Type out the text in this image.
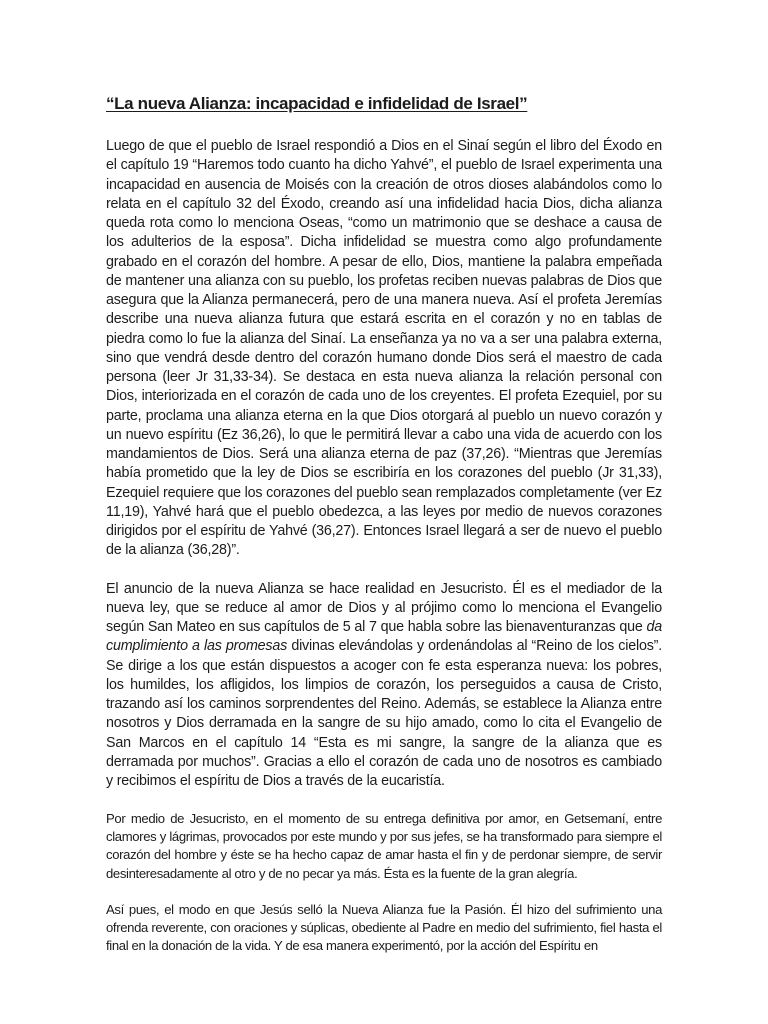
“La nueva Alianza: incapacidad e infidelidad de Israel”

Luego de que el pueblo de Israel respondió a Dios en el Sinaí según el libro del Éxodo en el capítulo 19 “Haremos todo cuanto ha dicho Yahvé”, el pueblo de Israel experimenta una incapacidad en ausencia de Moisés con la creación de otros dioses alabándolos como lo relata en el capítulo 32 del Éxodo, creando así una infidelidad hacia Dios, dicha alianza queda rota como lo menciona Oseas, “como un matrimonio que se deshace a causa de los adulterios de la esposa”. Dicha infidelidad se muestra como algo profundamente grabado en el corazón del hombre. A pesar de ello, Dios, mantiene la palabra empeñada de mantener una alianza con su pueblo, los profetas reciben nuevas palabras de Dios que asegura que la Alianza permanecerá, pero de una manera nueva. Así el profeta Jeremías describe una nueva alianza futura que estará escrita en el corazón y no en tablas de piedra como lo fue la alianza del Sinaí. La enseñanza ya no va a ser una palabra externa, sino que vendrá desde dentro del corazón humano donde Dios será el maestro de cada persona (leer Jr 31,33-34). Se destaca en esta nueva alianza la relación personal con Dios, interiorizada en el corazón de cada uno de los creyentes. El profeta Ezequiel, por su parte, proclama una alianza eterna en la que Dios otorgará al pueblo un nuevo corazón y un nuevo espíritu (Ez 36,26), lo que le permitirá llevar a cabo una vida de acuerdo con los mandamientos de Dios. Será una alianza eterna de paz (37,26). “Mientras que Jeremías había prometido que la ley de Dios se escribiría en los corazones del pueblo (Jr 31,33), Ezequiel requiere que los corazones del pueblo sean remplazados completamente (ver Ez 11,19), Yahvé hará que el pueblo obedezca, a las leyes por medio de nuevos corazones dirigidos por el espíritu de Yahvé (36,27). Entonces Israel llegará a ser de nuevo el pueblo de la alianza (36,28)”.

El anuncio de la nueva Alianza se hace realidad en Jesucristo. Él es el mediador de la nueva ley, que se reduce al amor de Dios y al prójimo como lo menciona el Evangelio según San Mateo en sus capítulos de 5 al 7 que habla sobre las bienaventuranzas que da cumplimiento a las promesas divinas elevándolas y ordenándolas al “Reino de los cielos”. Se dirige a los que están dispuestos a acoger con fe esta esperanza nueva: los pobres, los humildes, los afligidos, los limpios de corazón, los perseguidos a causa de Cristo, trazando así los caminos sorprendentes del Reino. Además, se establece la Alianza entre nosotros y Dios derramada en la sangre de su hijo amado, como lo cita el Evangelio de San Marcos en el capítulo 14 “Esta es mi sangre, la sangre de la alianza que es derramada por muchos”. Gracias a ello el corazón de cada uno de nosotros es cambiado y recibimos el espíritu de Dios a través de la eucaristía.

Por medio de Jesucristo, en el momento de su entrega definitiva por amor, en Getsemaní, entre clamores y lágrimas, provocados por este mundo y por sus jefes, se ha transformado para siempre el corazón del hombre y éste se ha hecho capaz de amar hasta el fin y de perdonar siempre, de servir desinteresadamente al otro y de no pecar ya más. Ésta es la fuente de la gran alegría.

Así pues, el modo en que Jesús selló la Nueva Alianza fue la Pasión. Él hizo del sufrimiento una ofrenda reverente, con oraciones y súplicas, obediente al Padre en medio del sufrimiento, fiel hasta el final en la donación de la vida. Y de esa manera experimentó, por la acción del Espíritu en
